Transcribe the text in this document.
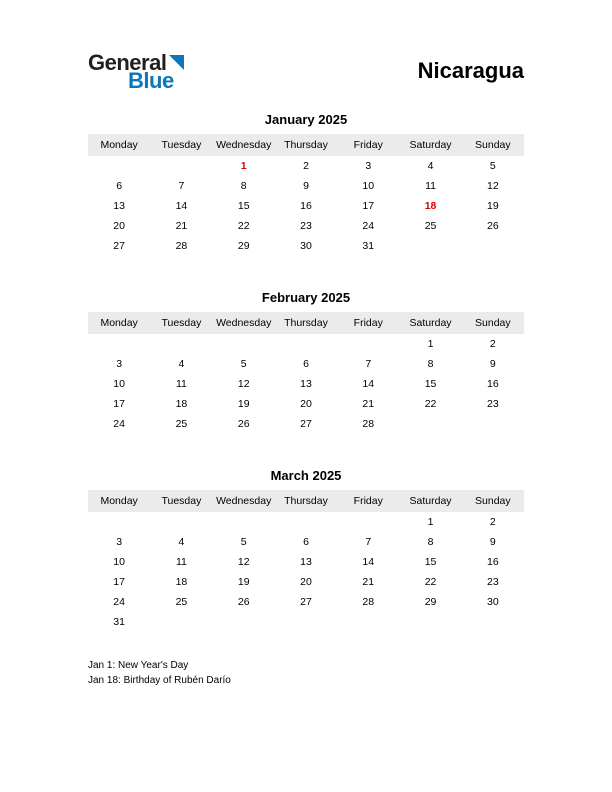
General
Blue	Nicaragua
January 2025
Monday	Tuesday	Wednesday	Thursday	Friday	Saturday	Sunday
		1	2	3	4	5
6	7	8	9	10	11	12
13	14	15	16	17	18	19
20	21	22	23	24	25	26
27	28	29	30	31		
February 2025
Monday	Tuesday	Wednesday	Thursday	Friday	Saturday	Sunday
					1	2
3	4	5	6	7	8	9
10	11	12	13	14	15	16
17	18	19	20	21	22	23
24	25	26	27	28		
March 2025
Monday	Tuesday	Wednesday	Thursday	Friday	Saturday	Sunday
					1	2
3	4	5	6	7	8	9
10	11	12	13	14	15	16
17	18	19	20	21	22	23
24	25	26	27	28	29	30
31						
Jan 1: New Year's Day
Jan 18: Birthday of Rubén Darío
